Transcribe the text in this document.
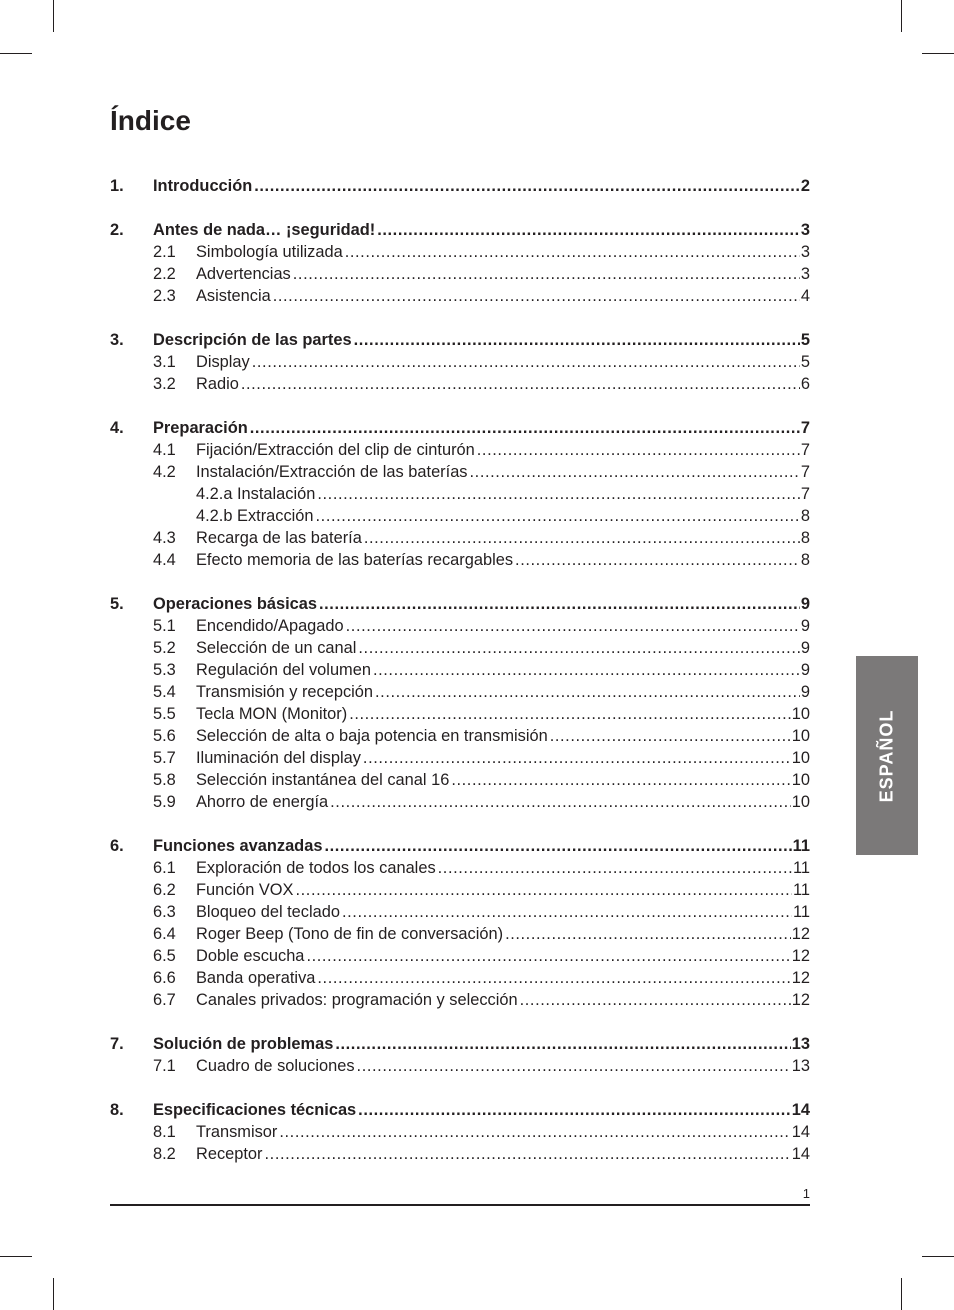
Índice
1.	Introducción .....	2
2.	Antes de nada… ¡seguridad! .....	3
2.1	Simbología utilizada .....	3
2.2	Advertencias .....	3
2.3	Asistencia .....	4
3.	Descripción de las partes .....	5
3.1	Display .....	5
3.2	Radio .....	6
4.	Preparación .....	7
4.1	Fijación/Extracción del clip de cinturón .....	7
4.2	Instalación/Extracción de las baterías .....	7
4.2.a Instalación .....	7
4.2.b Extracción .....	8
4.3	Recarga de las batería .....	8
4.4	Efecto memoria de las baterías recargables .....	8
5.	Operaciones básicas .....	9
5.1	Encendido/Apagado .....	9
5.2	Selección de un canal .....	9
5.3	Regulación del volumen .....	9
5.4	Transmisión y recepción .....	9
5.5	Tecla MON (Monitor) .....	10
5.6	Selección de alta o baja potencia en transmisión .....	10
5.7	Iluminación del display .....	10
5.8	Selección instantánea del canal 16 .....	10
5.9	Ahorro de energía .....	10
6.	Funciones avanzadas .....	11
6.1	Exploración de todos los canales .....	11
6.2	Función VOX .....	11
6.3	Bloqueo del teclado .....	11
6.4	Roger Beep (Tono de fin de conversación) .....	12
6.5	Doble escucha .....	12
6.6	Banda operativa .....	12
6.7	Canales privados: programación y selección .....	12
7.	Solución de problemas .....	13
7.1	Cuadro de soluciones .....	13
8.	Especificaciones técnicas .....	14
8.1	Transmisor .....	14
8.2	Receptor .....	14
ESPAÑOL
1
